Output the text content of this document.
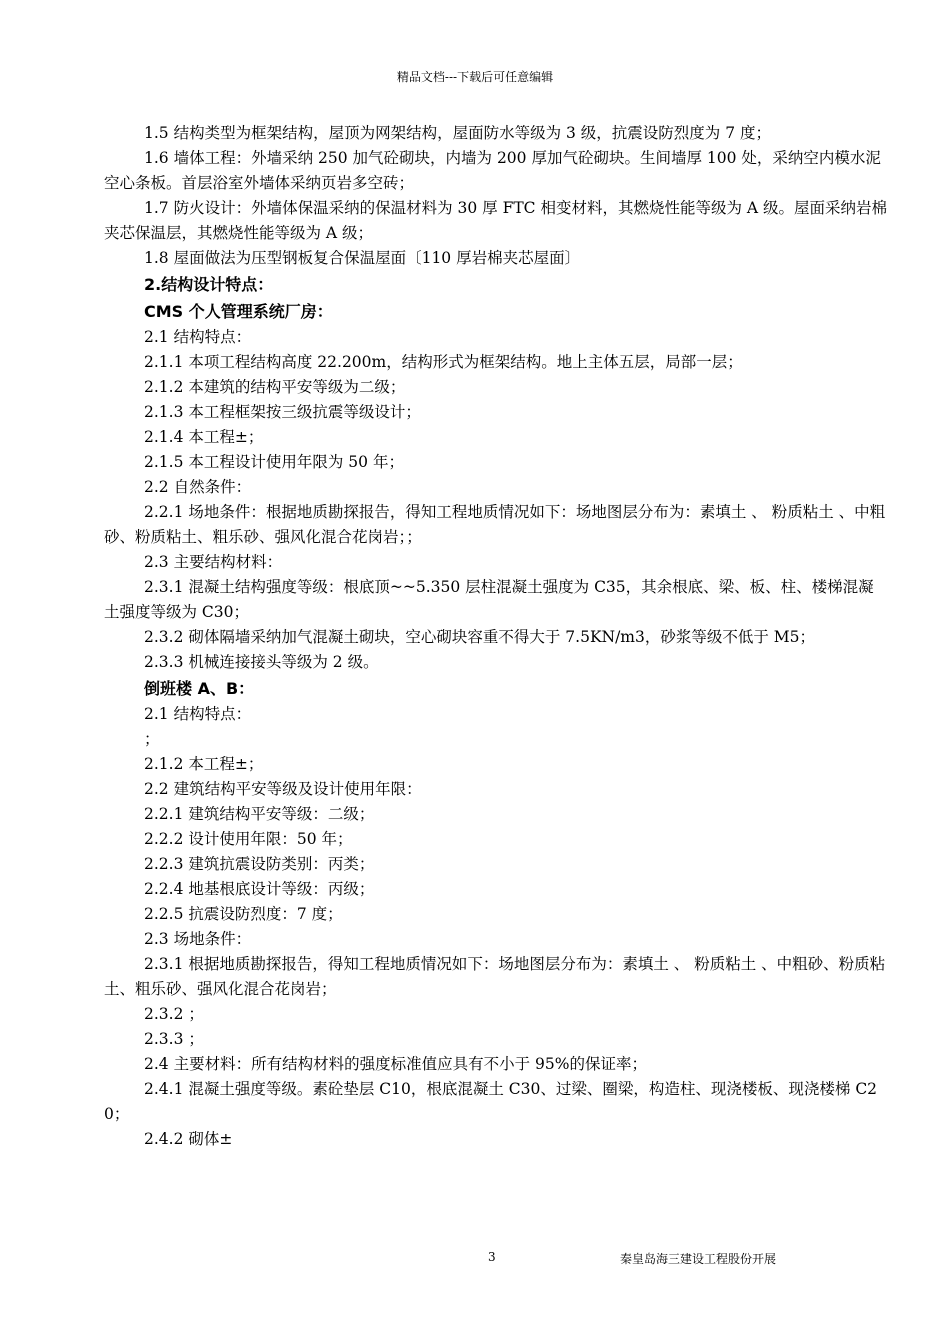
精品文档---下载后可任意编辑

1.5 结构类型为框架结构，屋顶为网架结构，屋面防水等级为 3 级，抗震设防烈度为 7 度；

1.6 墙体工程：外墙采纳 250 加气砼砌块，内墙为 200 厚加气砼砌块。生间墙厚 100 处，采纳空内模水泥空心条板。首层浴室外墙体采纳页岩多空砖；

1.7 防火设计：外墙体保温采纳的保温材料为 30 厚 FTC 相变材料，其燃烧性能等级为 A 级。屋面采纳岩棉夹芯保温层，其燃烧性能等级为 A 级；

1.8 屋面做法为压型钢板复合保温屋面〔110 厚岩棉夹芯屋面〕

2.结构设计特点：

CMS 个人管理系统厂房：

2.1 结构特点：

2.1.1 本项工程结构高度 22.200m，结构形式为框架结构。地上主体五层，局部一层；

2.1.2 本建筑的结构平安等级为二级；

2.1.3 本工程框架按三级抗震等级设计；

2.1.4 本工程±；

2.1.5 本工程设计使用年限为 50 年；

2.2 自然条件：

2.2.1 场地条件：根据地质勘探报告，得知工程地质情况如下：场地图层分布为：素填土 、 粉质粘土 、中粗砂、粉质粘土、粗乐砂、强风化混合花岗岩；；

2.3 主要结构材料：

2.3.1 混凝土结构强度等级：根底顶~~5.350 层柱混凝土强度为 C35，其余根底、梁、板、柱、楼梯混凝土强度等级为 C30；

2.3.2 砌体隔墙采纳加气混凝土砌块，空心砌块容重不得大于 7.5KN/m3，砂浆等级不低于 M5；

2.3.3 机械连接接头等级为 2 级。

倒班楼 A、B：

2.1 结构特点：

；

2.1.2 本工程±；

2.2 建筑结构平安等级及设计使用年限：

2.2.1 建筑结构平安等级：二级；

2.2.2 设计使用年限：50 年；

2.2.3 建筑抗震设防类别：丙类；

2.2.4 地基根底设计等级：丙级；

2.2.5 抗震设防烈度：7 度；

2.3 场地条件：

2.3.1 根据地质勘探报告，得知工程地质情况如下：场地图层分布为：素填土 、 粉质粘土 、中粗砂、粉质粘土、粗乐砂、强风化混合花岗岩；

2.3.2 ；

2.3.3 ；

2.4 主要材料：所有结构材料的强度标准值应具有不小于 95%的保证率；

2.4.1 混凝土强度等级。素砼垫层 C10，根底混凝土 C30、过梁、圈梁，构造柱、现浇楼板、现浇楼梯 C20；

2.4.2 砌体±

3	秦皇岛海三建设工程股份开展
